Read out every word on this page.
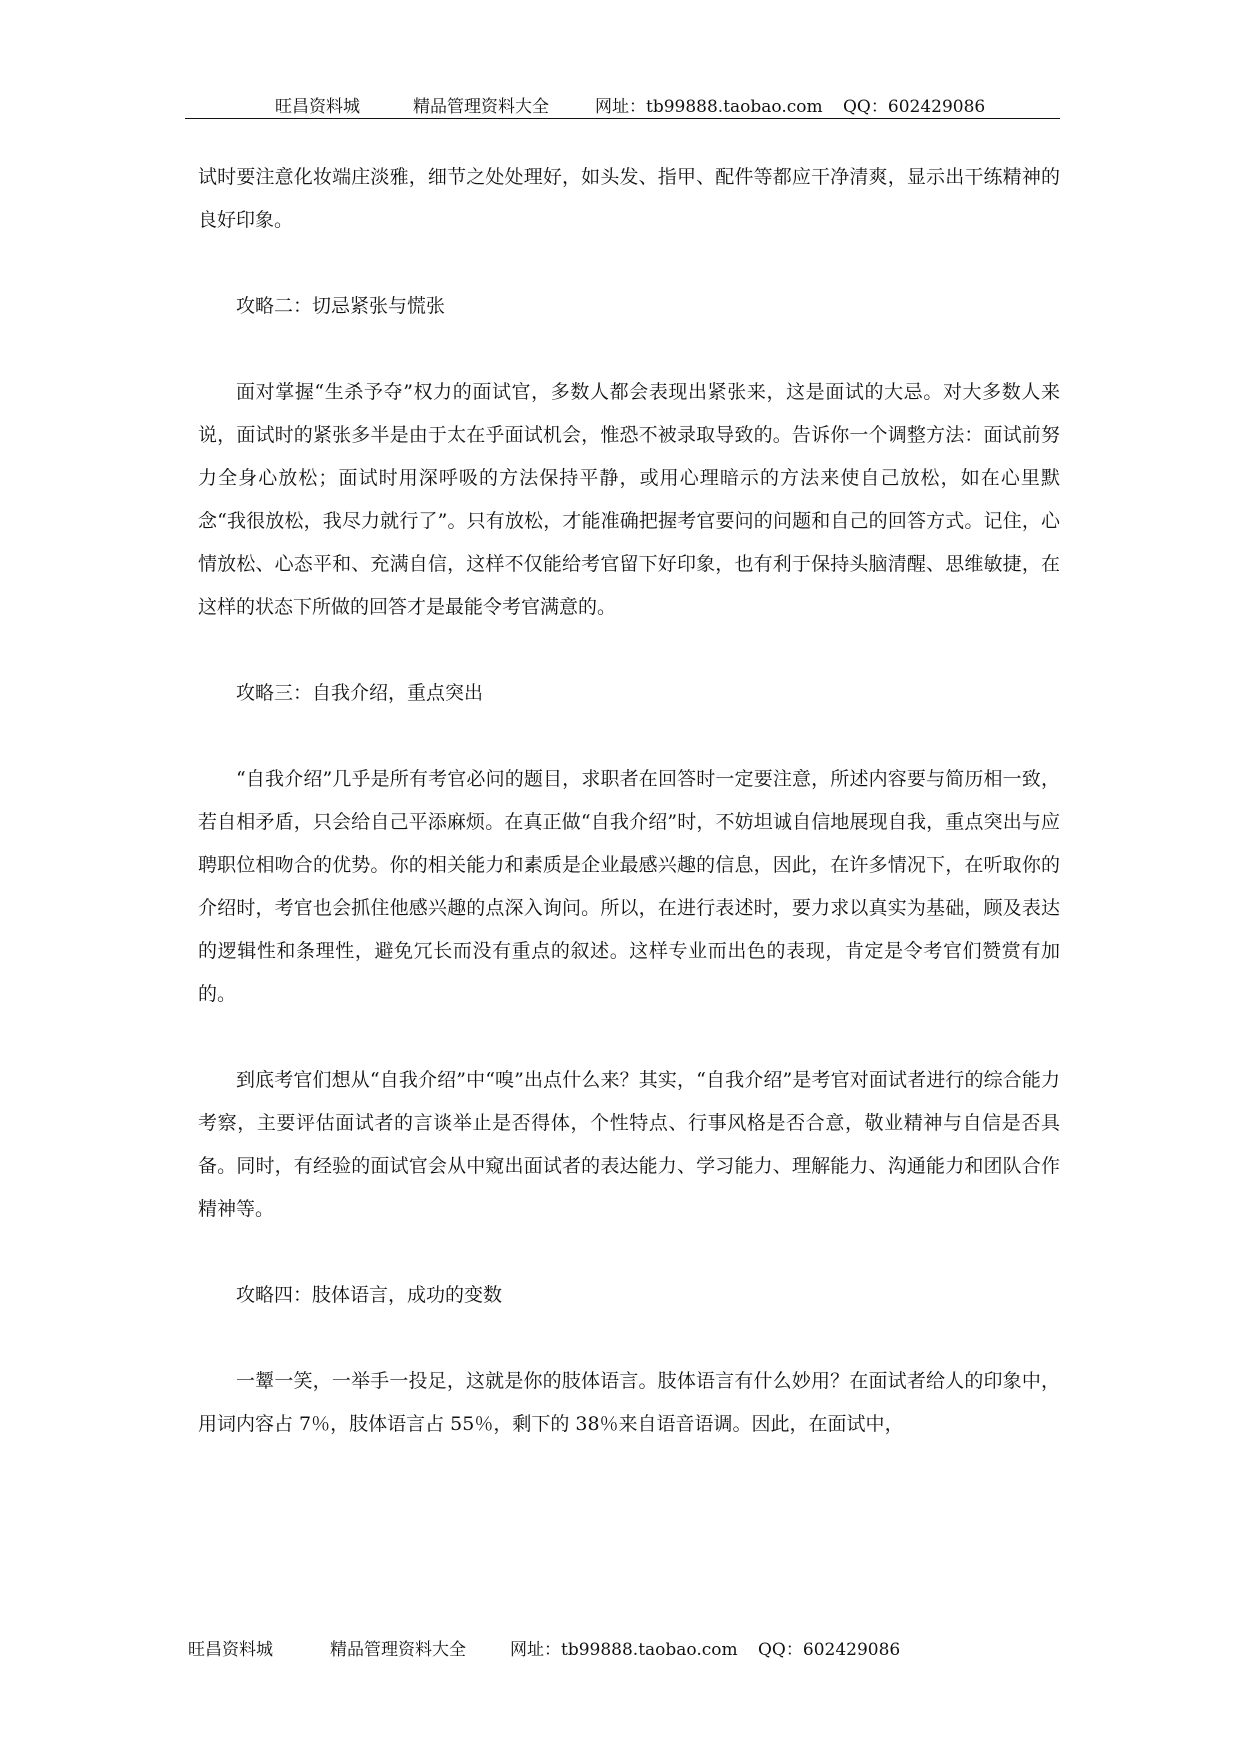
旺昌资料城	精品管理资料大全	网址：tb99888.taobao.com QQ：602429086

试时要注意化妆端庄淡雅，细节之处处理好，如头发、指甲、配件等都应干净清爽，显示出干练精神的良好印象。

攻略二：切忌紧张与慌张

面对掌握“生杀予夺”权力的面试官，多数人都会表现出紧张来，这是面试的大忌。对大多数人来说，面试时的紧张多半是由于太在乎面试机会，惟恐不被录取导致的。告诉你一个调整方法：面试前努力全身心放松；面试时用深呼吸的方法保持平静，或用心理暗示的方法来使自己放松，如在心里默念“我很放松，我尽力就行了”。只有放松，才能准确把握考官要问的问题和自己的回答方式。记住，心情放松、心态平和、充满自信，这样不仅能给考官留下好印象，也有利于保持头脑清醒、思维敏捷，在这样的状态下所做的回答才是最能令考官满意的。

攻略三：自我介绍，重点突出

“自我介绍”几乎是所有考官必问的题目，求职者在回答时一定要注意，所述内容要与简历相一致，若自相矛盾，只会给自己平添麻烦。在真正做“自我介绍”时，不妨坦诚自信地展现自我，重点突出与应聘职位相吻合的优势。你的相关能力和素质是企业最感兴趣的信息，因此，在许多情况下，在听取你的介绍时，考官也会抓住他感兴趣的点深入询问。所以，在进行表述时，要力求以真实为基础，顾及表达的逻辑性和条理性，避免冗长而没有重点的叙述。这样专业而出色的表现，肯定是令考官们赞赏有加的。

到底考官们想从“自我介绍”中“嗅”出点什么来？其实，“自我介绍”是考官对面试者进行的综合能力考察，主要评估面试者的言谈举止是否得体，个性特点、行事风格是否合意，敬业精神与自信是否具备。同时，有经验的面试官会从中窥出面试者的表达能力、学习能力、理解能力、沟通能力和团队合作精神等。

攻略四：肢体语言，成功的变数

一颦一笑，一举手一投足，这就是你的肢体语言。肢体语言有什么妙用？在面试者给人的印象中，用词内容占 7％，肢体语言占 55％，剩下的 38％来自语音语调。因此，在面试中，

旺昌资料城	精品管理资料大全	网址：tb99888.taobao.com QQ：602429086
